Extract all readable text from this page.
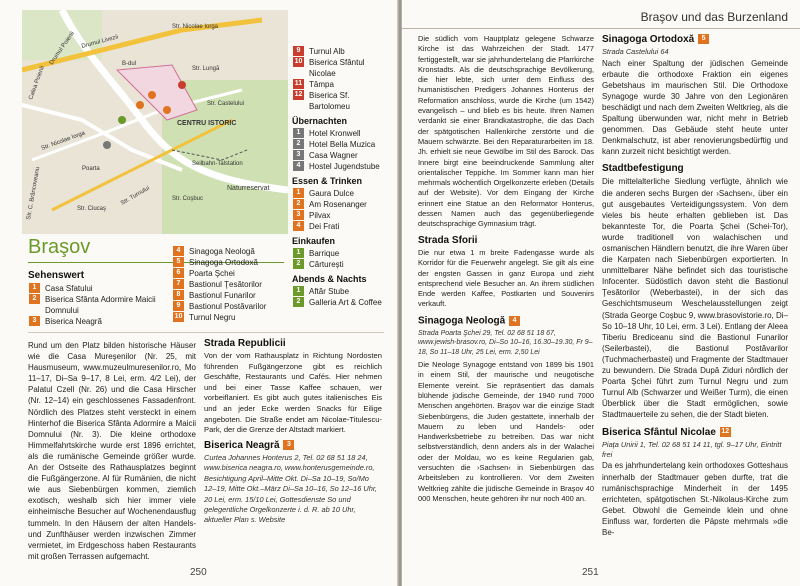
CENTRU ISTORIC
Seilbahn-Talstation
Naturreservat
Str. Nicolae Iorga
Drumul Livezii
Calea Poienii
Drumul Poienii	B-dul
Str. C. Brâncoveanu	Str. Ciucaş
Str. Turnului
Str. Castelului
Str. Lungă
Str. Coşbuc
Poarta
Str. Nicolae Iorga
9	Turnul Alb
10 Biserica Sfântul Nicolae
11 Tâmpa
12 Biserica Sf. Bartolomeu
Übernachten
1	Hotel Kronwell
2	Hotel Bella Muzica
3	Casa Wagner
4	Hostel Jugendstube
Essen & Trinken
1	Gaura Dulce
2	Am Rosenanger
3	Pilvax
4	Dei Frati
Einkaufen
1	Barrique
2	Cărturești
Abends & Nachts
1	Aftăr Stube
2	Galleria Art & Coffee
Braşov
Sehenswert
1	Casa Sfatului
2	Biserica Sfânta Adormire Maicii Domnului
3	Biserica Neagră
4	Sinagoga Neologă
5	Sinagoga Ortodoxă
6	Poarta Şchei
7	Bastionul Ţesătorilor
8	Bastionul Funarilor
9	Bastionul Postăvarilor
10 Turnul Negru

Rund um den Platz bilden historische Häuser wie die Casa Mureşenilor (Nr. 25, mit Hausmuseum, www.muzeulmuresenilor.ro, Mo 11–17, Di–Sa 9–17, 8 Lei, erm. 4/2 Lei), der Palatul Czell (Nr. 26) und die Casa Hirscher (Nr. 12–14) ein geschlossenes Fassadenfront. Nördlich des Platzes steht versteckt in einem Hinterhof die Biserica Sfânta Adormire a Maicii Domnului (Nr. 3). Die kleine orthodoxe Himmelfahrtskirche wurde erst 1896 errichtet, als die rumänische Gemeinde größer wurde. An der Ostseite des Rathausplatzes beginnt die Fußgängerzone. Al für Rumänien, die nicht wie aus Siebenbürgen kommen, ziemlich exotisch, weshalb sich hier immer viele einheimische Besucher auf Wochenendausflug tummeln. In den Häusern der alten Handels- und Zunfthäuser werden inzwischen Zimmer vermietet, im Erdgeschoss haben Restaurants mit großen Terrassen aufgemacht.

Strada Republicii

Von der vom Rathausplatz in Richtung Nordosten führenden Fußgängerzone gibt es reichlich Geschäfte, Restaurants und Cafés. Hier nehmen und bei einer Tasse Kaffee schauen, wer vorbeiflaniert. Es gibt auch gutes italienisches Eis und an jeder Ecke werden Snacks für Eilige angeboten. Die Straße endet am Nicolae-Titulescu-Park, der die Grenze der Altstadt markiert.

Biserica Neagră 3

Curtea Johannes Honterus 2, Tel. 02 68 51 18 24, www.biserica neagra.ro, www.honterusgemeinde.ro, Besichtigung April–Mitte Okt. Di–Sa 10–19, So/Mo 12–19, Mitte Okt.–März Di–Sa 10–16, So 12–16 Uhr, 20 Lei, erm. 15/10 Lei, Gottesdienste So und gelegentliche Orgelkonzerte i. d. R. ab 10 Uhr, aktueller Plan s. Website

250
Braşov und das Burzenland

Die südlich vom Hauptplatz gelegene Schwarze Kirche ist das Wahrzeichen der Stadt. 1477 fertiggestellt, war sie jahrhundertelang die Pfarrkirche Kronstadts. Als die deutschsprachige Bevölkerung, die hier lebte, sich unter dem Einfluss des humanistischen Predigers Johannes Honterus der Reformation anschloss, wurde die Kirche (um 1542) evangelisch – und blieb es bis heute. Ihren Namen verdankt sie einer Brandkatastrophe, die das Dach der spätgotischen Hallenkirche zerstörte und die Mauern schwärzte. Bei den Reparaturarbeiten im 18. Jh. erhielt sie neue Gewölbe im Stil des Barock. Das Innere birgt eine beeindruckende Sammlung alter orientalischer Teppiche. Im Sommer kann man hier mehrmals wöchentlich Orgelkonzerte erleben (Details auf der Website). Vor dem Eingang der Kirche erinnert eine Statue an den Reformator Honterus, dessen Namen auch das gegenüberliegende deutschsprachige Gymnasium trägt.

Strada Sforii

Die nur etwa 1 m breite Fadengasse wurde als Korridor für die Feuerwehr angelegt. Sie gilt als eine der engsten Gassen in ganz Europa und zieht entsprechend viele Besucher an. An ihrem südlichen Ende werden Kaffee, Postkarten und Souvenirs verkauft.

Sinagoga Neologă 4

Strada Poarta Şchei 29, Tel. 02 68 51 18 67, www.jewish-brasov.ro, Di–So 10–16, 16.30–19.30, Fr 9–18, So 11–18 Uhr, 25 Lei, erm. 2,50 Lei

Die Neologe Synagoge entstand von 1899 bis 1901 in einem Stil, der maurische und neugotische Elemente vereint. Sie repräsentiert das damals blühende jüdische Gemeinde, der 1940 rund 7000 Menschen angehörten. Braşov war die einzige Stadt Siebenbürgens, die Juden gestattete, innerhalb der Mauern zu leben und Handels- oder Handwerksbetriebe zu betreiben. Das war nicht selbstverständlich, denn anders als in der Walachei oder der Moldau, wo es keine Regularien gab, versuchten die ›Sachsen‹ in Siebenbürgen das Arbeitsleben zu kontrollieren. Vor dem Zweiten Weltkrieg zählte die jüdische Gemeinde in Braşov 40 000 Menschen, heute gehören ihr nur noch 400 an.

Sinagoga Ortodoxă 5

Strada Castelului 64

Nach einer Spaltung der jüdischen Gemeinde erbaute die orthodoxe Fraktion ein eigenes Gebetshaus im maurischen Stil. Die Orthodoxe Synagoge wurde 30 Jahre von den Legionären beschädigt und nach dem Zweiten Weltkrieg, als die Spaltung überwunden war, nicht mehr in Betrieb genommen. Das Gebäude steht heute unter Denkmalschutz, ist aber renovierungsbedürftig und kann zurzeit nicht besichtigt werden.

Stadtbefestigung

Die mittelalterliche Siedlung verfügte, ähnlich wie die anderen sechs Burgen der ›Sachsen‹, über ein gut ausgebautes Verteidigungssystem. Von dem vieles bis heute erhalten geblieben ist. Das bekannteste Tor, die Poarta Şchei (Schei-Tor), wurde traditionell von walachischen und osmanischen Händlern benutzt, die ihre Waren über die Karpaten nach Siebenbürgen exportierten. In unmittelbarer Nähe befindet sich das touristische Infocenter. Südöstlich davon steht die Bastionul Ţesătorilor (Weberbastei), in der sich das Geschichtsmuseum Weschelausstellungen zeigt (Strada George Coşbuc 9, www.brasovistorie.ro, Di–So 10–18 Uhr, 10 Lei, erm. 3 Lei). Entlang der Aleea Tiberiu Brediceanu sind die Bastionul Funarilor (Seilerbastei), die Bastionul Postăvarilor (Tuchmacherbastei) und Fragmente der Stadtmauer zu bewundern. Die Strada După Ziduri nördlich der Poarta Şchei führt zum Turnul Negru und zum Turnul Alb (Schwarzer und Weißer Turm), die einen Überblick über die Stadt ermöglichen, sowie Stadtmauerteile zu sehen, die der Stadt bieten.

Biserica Sfântul Nicolae 12

Piaţa Unirii 1, Tel. 02 68 51 14 11, tgl. 9–17 Uhr, Eintritt frei

Da es jahrhundertelang kein orthodoxes Gotteshaus innerhalb der Stadtmauer geben durfte, trat die rumänischsprachige Minderheit in der 1495 errichteten, spätgotischen St.-Nikolaus-Kirche zum Gebet. Obwohl die Gemeinde klein und ohne Einfluss war, forderten die Päpste mehrmals »die Be-

251
